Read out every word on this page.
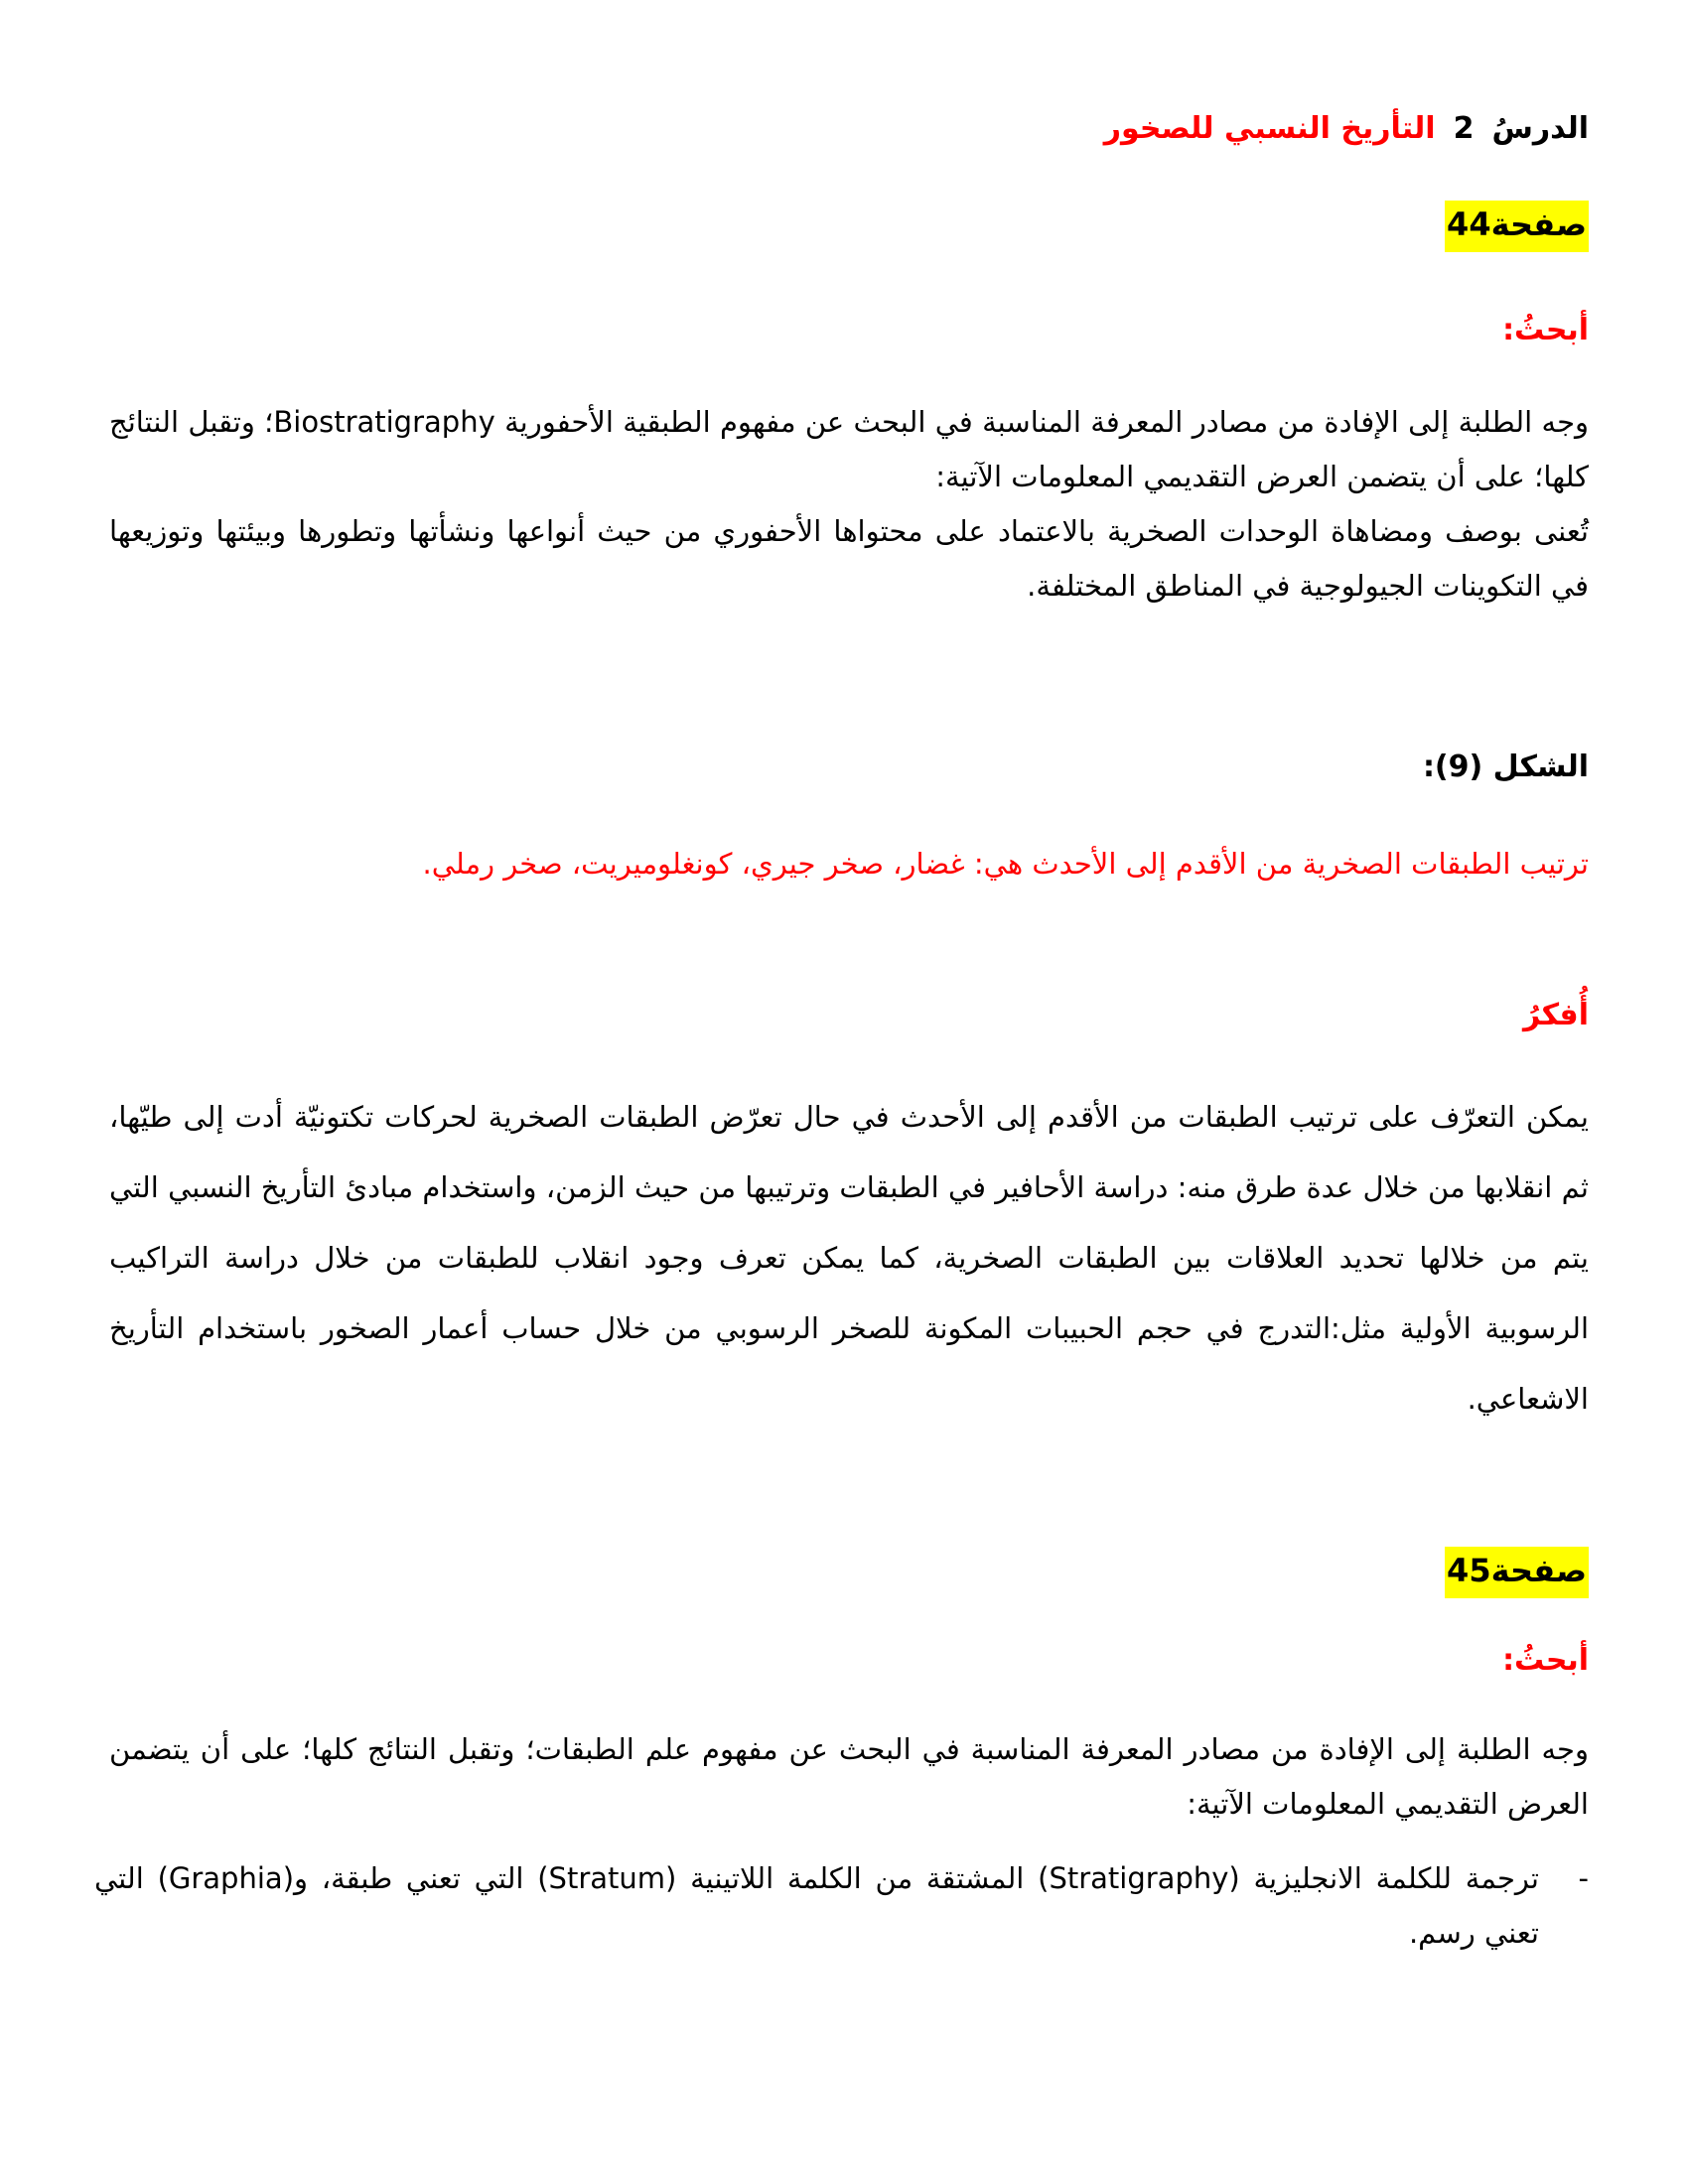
الدرسُ2التأريخ النسبي للصخور
صفحة44
أبحثُ:
وجه الطلبة إلى الإفادة من مصادر المعرفة المناسبة في البحث عن مفهوم الطبقية الأحفورية Biostratigraphy؛ وتقبل النتائج كلها؛ على أن يتضمن العرض التقديمي المعلومات الآتية:
تُعنى بوصف ومضاهاة الوحدات الصخرية بالاعتماد على محتواها الأحفوري من حيث أنواعها ونشأتها وتطورها وبيئتها وتوزيعها في التكوينات الجيولوجية في المناطق المختلفة.
الشكل (9):
ترتيب الطبقات الصخرية من الأقدم إلى الأحدث هي: غضار، صخر جيري، كونغلوميريت، صخر رملي.
أُفكرُ
يمكن التعرّف على ترتيب الطبقات من الأقدم إلى الأحدث في حال تعرّض الطبقات الصخرية لحركات تكتونيّة أدت إلى طيّها، ثم انقلابها من خلال عدة طرق منه: دراسة الأحافير في الطبقات وترتيبها من حيث الزمن، واستخدام مبادئ التأريخ النسبي التي يتم من خلالها تحديد العلاقات بين الطبقات الصخرية، كما يمكن تعرف وجود انقلاب للطبقات من خلال دراسة التراكيب الرسوبية الأولية مثل:التدرج في حجم الحبيبات المكونة للصخر الرسوبي من خلال حساب أعمار الصخور باستخدام التأريخ الاشعاعي.
صفحة45
أبحثُ:
وجه الطلبة إلى الإفادة من مصادر المعرفة المناسبة في البحث عن مفهوم علم الطبقات؛ وتقبل النتائج كلها؛ على أن يتضمن العرض التقديمي المعلومات الآتية:
-
ترجمة للكلمة الانجليزية (Stratigraphy) المشتقة من الكلمة اللاتينية (Stratum) التي تعني طبقة، و(Graphia) التي تعني رسم.
